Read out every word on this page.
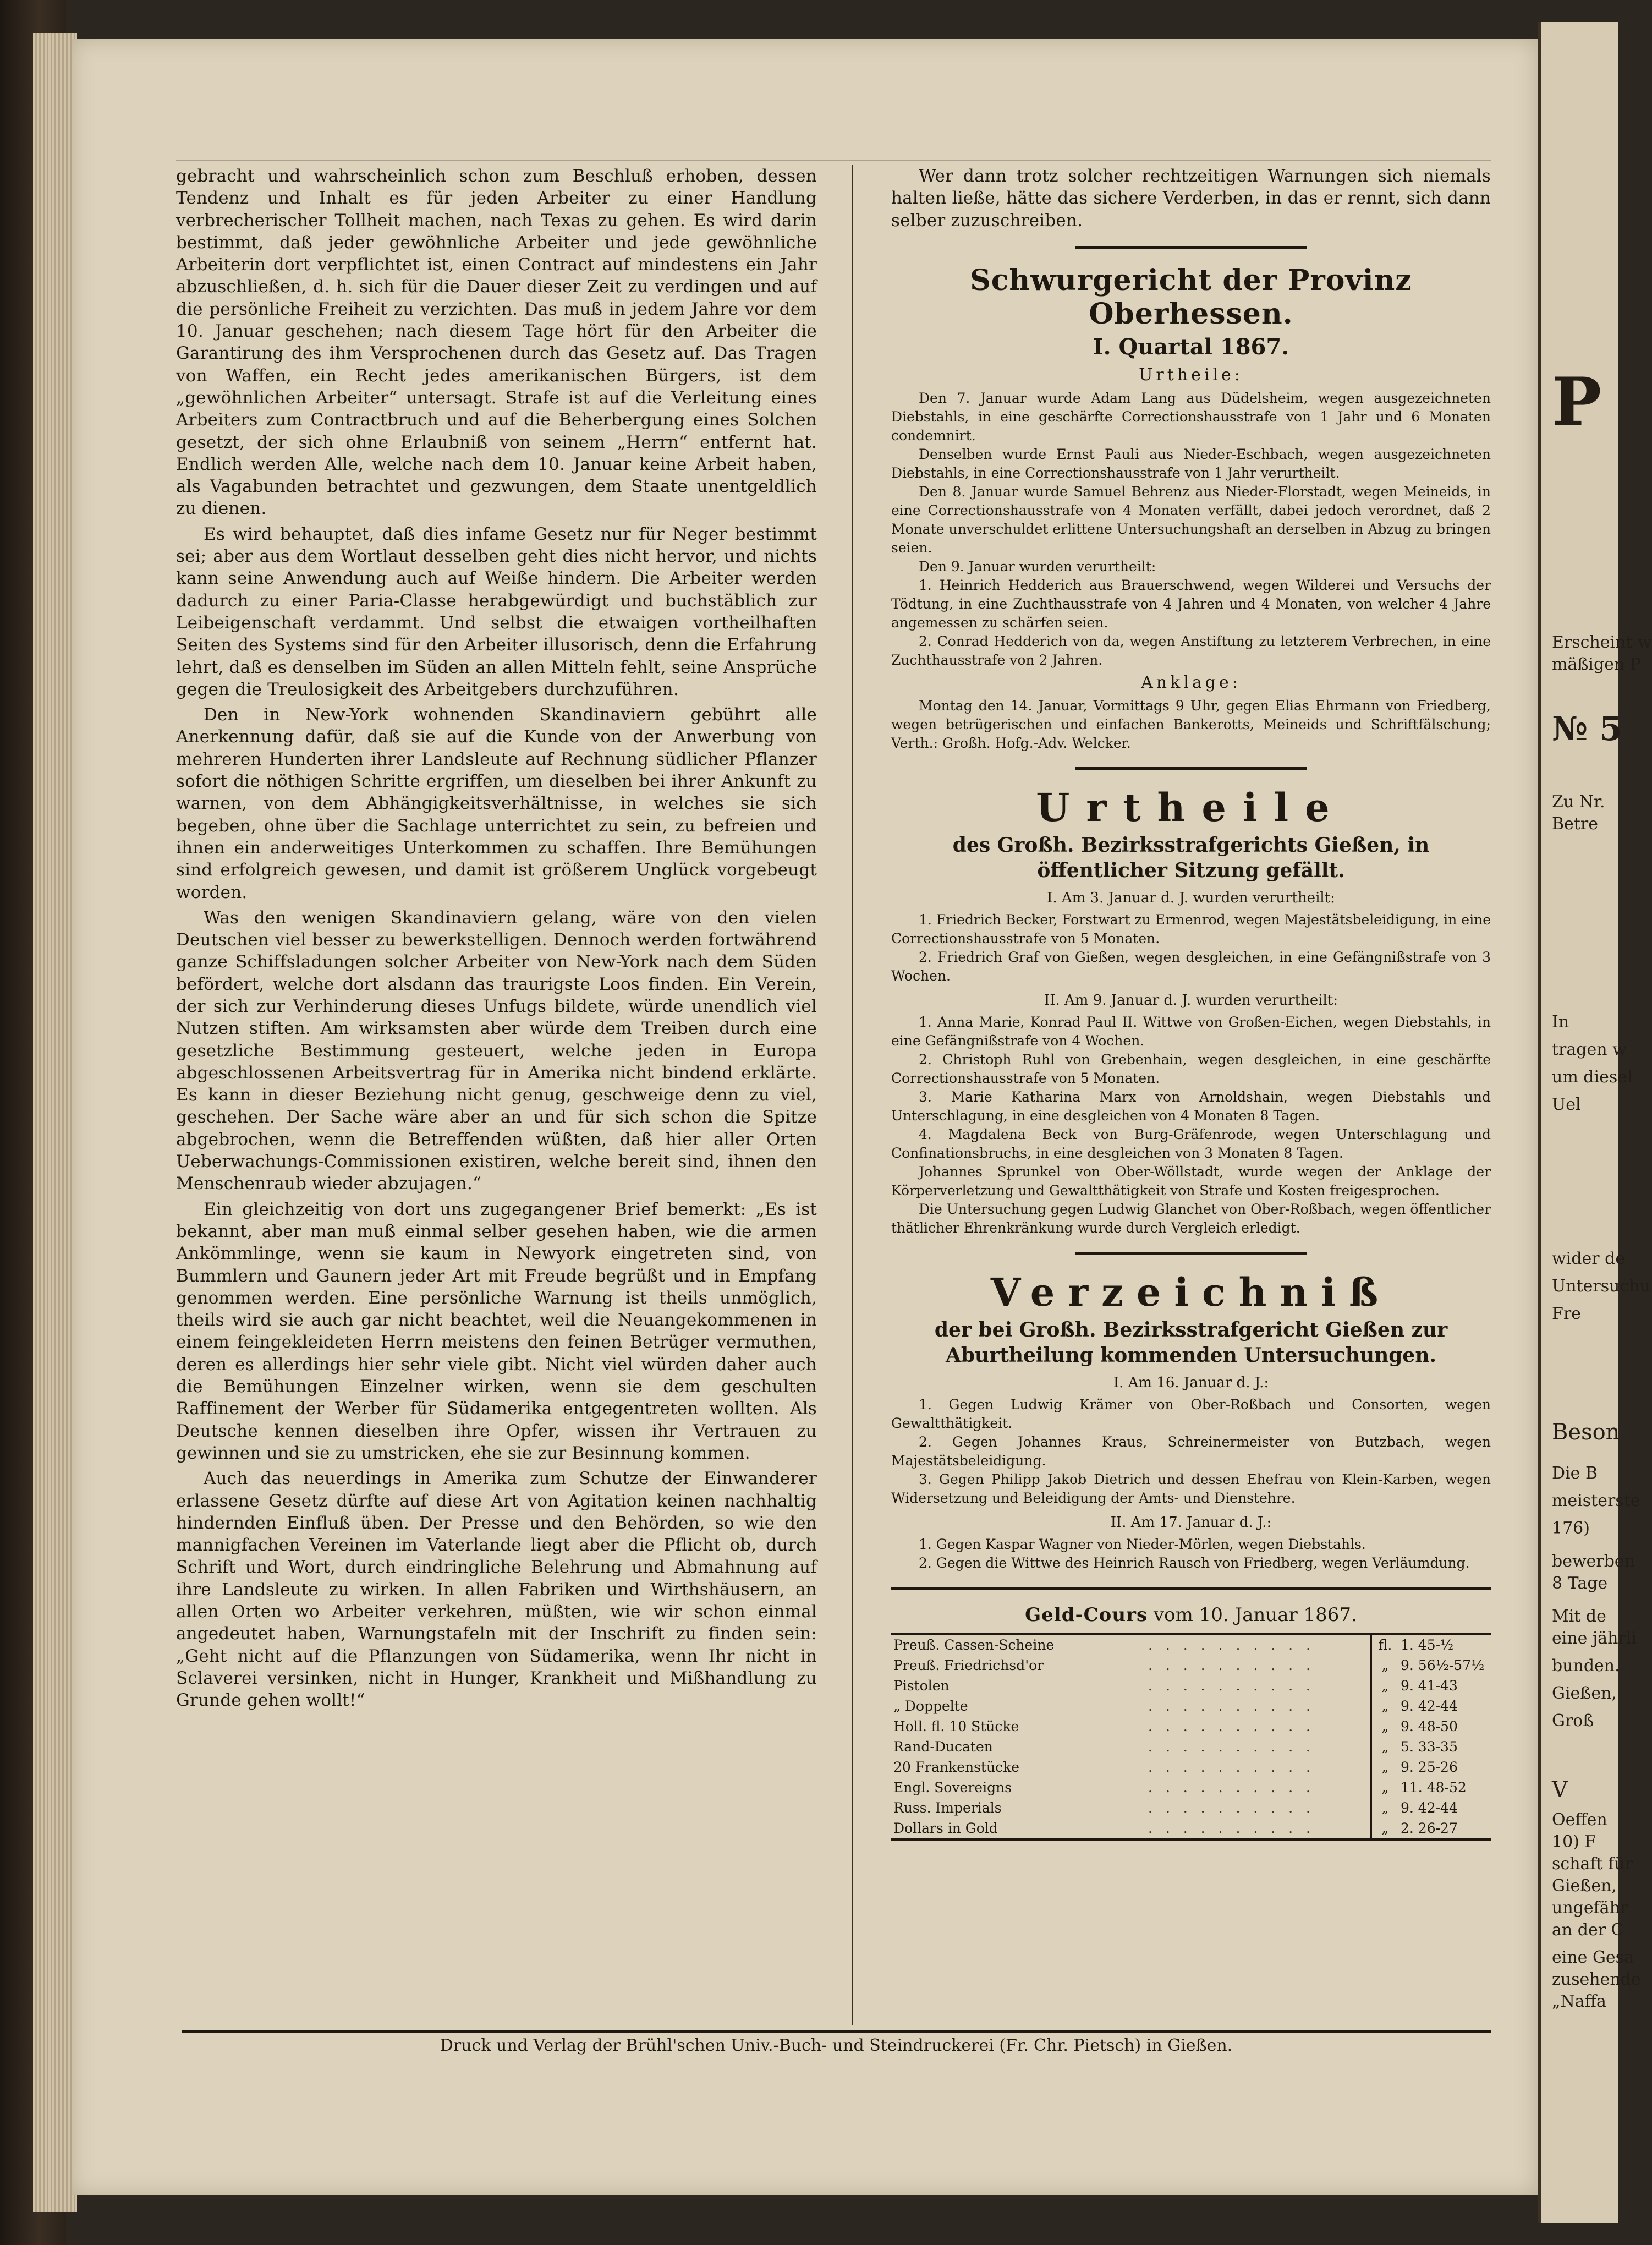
gebracht und wahrscheinlich schon zum Beschluß erhoben, dessen Tendenz und Inhalt es für jeden Arbeiter zu einer Handlung verbrecherischer Tollheit machen, nach Texas zu gehen. Es wird darin bestimmt, daß jeder gewöhnliche Arbeiter und jede gewöhnliche Arbeiterin dort verpflichtet ist, einen Contract auf mindestens ein Jahr abzuschließen, d. h. sich für die Dauer dieser Zeit zu verdingen und auf die persönliche Freiheit zu verzichten. Das muß in jedem Jahre vor dem 10. Januar geschehen; nach diesem Tage hört für den Arbeiter die Garantirung des ihm Versprochenen durch das Gesetz auf. Das Tragen von Waffen, ein Recht jedes amerikanischen Bürgers, ist dem „gewöhnlichen Arbeiter“ untersagt. Strafe ist auf die Verleitung eines Arbeiters zum Contractbruch und auf die Beherbergung eines Solchen gesetzt, der sich ohne Erlaubniß von seinem „Herrn“ entfernt hat. Endlich werden Alle, welche nach dem 10. Januar keine Arbeit haben, als Vagabunden betrachtet und gezwungen, dem Staate unentgeldlich zu dienen.

Es wird behauptet, daß dies infame Gesetz nur für Neger bestimmt sei; aber aus dem Wortlaut desselben geht dies nicht hervor, und nichts kann seine Anwendung auch auf Weiße hindern. Die Arbeiter werden dadurch zu einer Paria-Classe herabgewürdigt und buchstäblich zur Leibeigenschaft verdammt. Und selbst die etwaigen vortheilhaften Seiten des Systems sind für den Arbeiter illusorisch, denn die Erfahrung lehrt, daß es denselben im Süden an allen Mitteln fehlt, seine Ansprüche gegen die Treulosigkeit des Arbeitgebers durchzuführen.

Den in New-York wohnenden Skandinaviern gebührt alle Anerkennung dafür, daß sie auf die Kunde von der Anwerbung von mehreren Hunderten ihrer Landsleute auf Rechnung südlicher Pflanzer sofort die nöthigen Schritte ergriffen, um dieselben bei ihrer Ankunft zu warnen, von dem Abhängigkeitsverhältnisse, in welches sie sich begeben, ohne über die Sachlage unterrichtet zu sein, zu befreien und ihnen ein anderweitiges Unterkommen zu schaffen. Ihre Bemühungen sind erfolgreich gewesen, und damit ist größerem Unglück vorgebeugt worden.

Was den wenigen Skandinaviern gelang, wäre von den vielen Deutschen viel besser zu bewerkstelligen. Dennoch werden fortwährend ganze Schiffsladungen solcher Arbeiter von New-York nach dem Süden befördert, welche dort alsdann das traurigste Loos finden. Ein Verein, der sich zur Verhinderung dieses Unfugs bildete, würde unendlich viel Nutzen stiften. Am wirksamsten aber würde dem Treiben durch eine gesetzliche Bestimmung gesteuert, welche jeden in Europa abgeschlossenen Arbeitsvertrag für in Amerika nicht bindend erklärte. Es kann in dieser Beziehung nicht genug, geschweige denn zu viel, geschehen. Der Sache wäre aber an und für sich schon die Spitze abgebrochen, wenn die Betreffenden wüßten, daß hier aller Orten Ueberwachungs-Commissionen existiren, welche bereit sind, ihnen den Menschenraub wieder abzujagen.“

Ein gleichzeitig von dort uns zugegangener Brief bemerkt: „Es ist bekannt, aber man muß einmal selber gesehen haben, wie die armen Ankömmlinge, wenn sie kaum in Newyork eingetreten sind, von Bummlern und Gaunern jeder Art mit Freude begrüßt und in Empfang genommen werden. Eine persönliche Warnung ist theils unmöglich, theils wird sie auch gar nicht beachtet, weil die Neuangekommenen in einem feingekleideten Herrn meistens den feinen Betrüger vermuthen, deren es allerdings hier sehr viele gibt. Nicht viel würden daher auch die Bemühungen Einzelner wirken, wenn sie dem geschulten Raffinement der Werber für Südamerika entgegentreten wollten. Als Deutsche kennen dieselben ihre Opfer, wissen ihr Vertrauen zu gewinnen und sie zu umstricken, ehe sie zur Besinnung kommen.

Auch das neuerdings in Amerika zum Schutze der Einwanderer erlassene Gesetz dürfte auf diese Art von Agitation keinen nachhaltig hindernden Einfluß üben. Der Presse und den Behörden, so wie den mannigfachen Vereinen im Vaterlande liegt aber die Pflicht ob, durch Schrift und Wort, durch eindringliche Belehrung und Abmahnung auf ihre Landsleute zu wirken. In allen Fabriken und Wirthshäusern, an allen Orten wo Arbeiter verkehren, müßten, wie wir schon einmal angedeutet haben, Warnungstafeln mit der Inschrift zu finden sein: „Geht nicht auf die Pflanzungen von Südamerika, wenn Ihr nicht in Sclaverei versinken, nicht in Hunger, Krankheit und Mißhandlung zu Grunde gehen wollt!“

Wer dann trotz solcher rechtzeitigen Warnungen sich niemals halten ließe, hätte das sichere Verderben, in das er rennt, sich dann selber zuzuschreiben.

Schwurgericht der Provinz Oberhessen.
I. Quartal 1867.
Urtheile:

Den 7. Januar wurde Adam Lang aus Düdelsheim, wegen ausgezeichneten Diebstahls, in eine geschärfte Correctionshausstrafe von 1 Jahr und 6 Monaten condemnirt.

Denselben wurde Ernst Pauli aus Nieder-Eschbach, wegen ausgezeichneten Diebstahls, in eine Correctionshausstrafe von 1 Jahr verurtheilt.

Den 8. Januar wurde Samuel Behrenz aus Nieder-Florstadt, wegen Meineids, in eine Correctionshausstrafe von 4 Monaten verfällt, dabei jedoch verordnet, daß 2 Monate unverschuldet erlittene Untersuchungshaft an derselben in Abzug zu bringen seien.

Den 9. Januar wurden verurtheilt:

1. Heinrich Hedderich aus Brauerschwend, wegen Wilderei und Versuchs der Tödtung, in eine Zuchthausstrafe von 4 Jahren und 4 Monaten, von welcher 4 Jahre angemessen zu schärfen seien.

2. Conrad Hedderich von da, wegen Anstiftung zu letzterem Verbrechen, in eine Zuchthausstrafe von 2 Jahren.

Anklage:

Montag den 14. Januar, Vormittags 9 Uhr, gegen Elias Ehrmann von Friedberg, wegen betrügerischen und einfachen Bankerotts, Meineids und Schriftfälschung; Verth.: Großh. Hofg.-Adv. Welcker.

Urtheile
des Großh. Bezirksstrafgerichts Gießen, in öffentlicher Sitzung gefällt.
I. Am 3. Januar d. J. wurden verurtheilt:

1. Friedrich Becker, Forstwart zu Ermenrod, wegen Majestätsbeleidigung, in eine Correctionshausstrafe von 5 Monaten.

2. Friedrich Graf von Gießen, wegen desgleichen, in eine Gefängnißstrafe von 3 Wochen.

II. Am 9. Januar d. J. wurden verurtheilt:

1. Anna Marie, Konrad Paul II. Wittwe von Großen-Eichen, wegen Diebstahls, in eine Gefängnißstrafe von 4 Wochen.

2. Christoph Ruhl von Grebenhain, wegen desgleichen, in eine geschärfte Correctionshausstrafe von 5 Monaten.

3. Marie Katharina Marx von Arnoldshain, wegen Diebstahls und Unterschlagung, in eine desgleichen von 4 Monaten 8 Tagen.

4. Magdalena Beck von Burg-Gräfenrode, wegen Unterschlagung und Confinationsbruchs, in eine desgleichen von 3 Monaten 8 Tagen.

Johannes Sprunkel von Ober-Wöllstadt, wurde wegen der Anklage der Körperverletzung und Gewaltthätigkeit von Strafe und Kosten freigesprochen.

Die Untersuchung gegen Ludwig Glanchet von Ober-Roßbach, wegen öffentlicher thätlicher Ehrenkränkung wurde durch Vergleich erledigt.

Verzeichniß
der bei Großh. Bezirksstrafgericht Gießen zur Aburtheilung kommenden Untersuchungen.
I. Am 16. Januar d. J.:

1. Gegen Ludwig Krämer von Ober-Roßbach und Consorten, wegen Gewaltthätigkeit.

2. Gegen Johannes Kraus, Schreinermeister von Butzbach, wegen Majestätsbeleidigung.

3. Gegen Philipp Jakob Dietrich und dessen Ehefrau von Klein-Karben, wegen Widersetzung und Beleidigung der Amts- und Dienstehre.

II. Am 17. Januar d. J.:

1. Gegen Kaspar Wagner von Nieder-Mörlen, wegen Diebstahls.

2. Gegen die Wittwe des Heinrich Rausch von Friedberg, wegen Verläumdung.

Geld-Cours vom 10. Januar 1867.
Preuß. Cassen-Scheine	. . . . . . . . . .	fl.	1. 45-½
Preuß. Friedrichsd'or	. . . . . . . . . .	„	9. 56½-57½
Pistolen	. . . . . . . . . .	„	9. 41-43
„ Doppelte	. . . . . . . . . .	„	9. 42-44
Holl. fl. 10 Stücke	. . . . . . . . . .	„	9. 48-50
Rand-Ducaten	. . . . . . . . . .	„	5. 33-35
20 Frankenstücke	. . . . . . . . . .	„	9. 25-26
Engl. Sovereigns	. . . . . . . . . .	„	11. 48-52
Russ. Imperials	. . . . . . . . . .	„	9. 42-44
Dollars in Gold	. . . . . . . . . .	„	2. 26-27
Druck und Verlag der Brühl'schen Univ.-Buch- und Steindruckerei (Fr. Chr. Pietsch) in Gießen.
P
Erscheint w
mäßigen P
№ 5
Zu Nr.
Betre
In
tragen w
um diesel
Uel
wider de
Untersuchu
Fre
Beson
Die B
meisterste
176)
bewerben
8 Tage
Mit de
eine jährli
bunden.
Gießen,
Groß
V
Oeffen
10) F
schaft für
Gießen,
ungefähr
an der C
eine Gesa
zusehende
„Naffa
